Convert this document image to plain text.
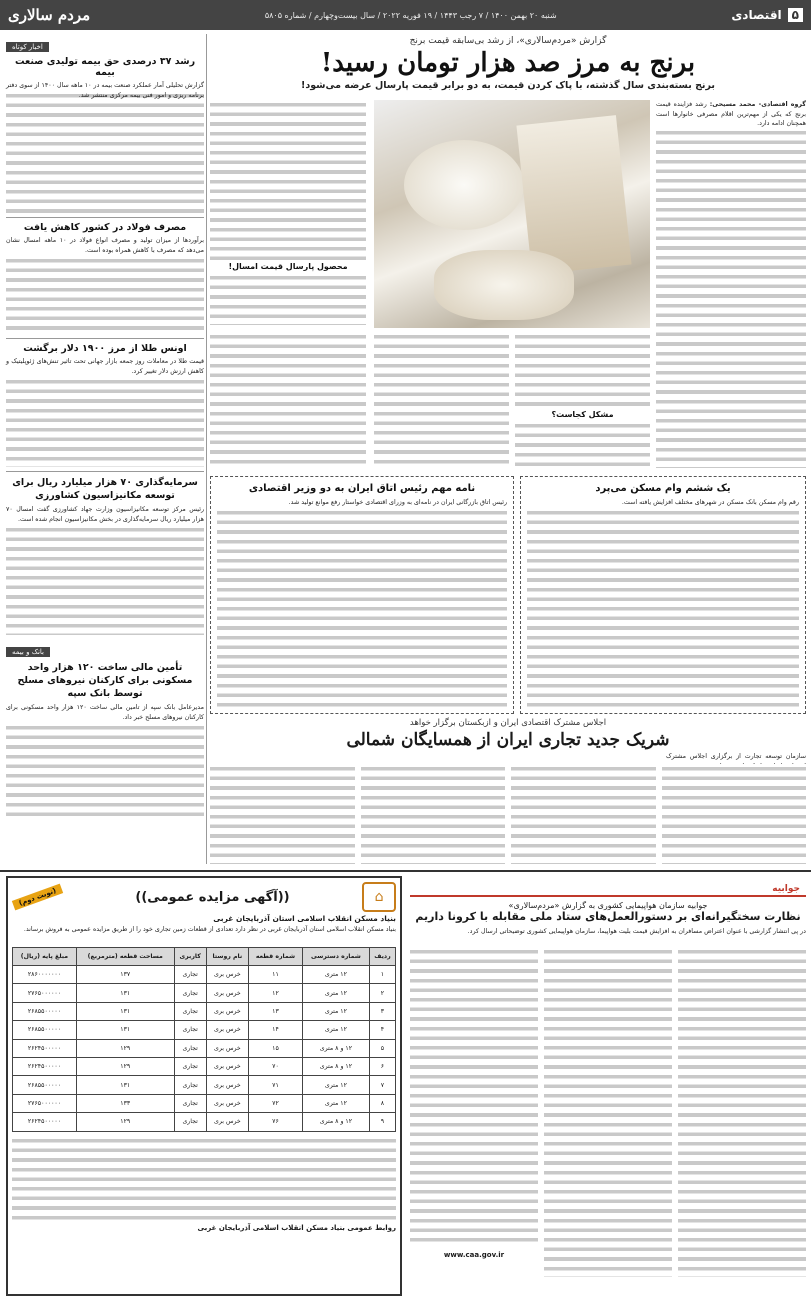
۵
اقتصادی
شنبه ۲۰ بهمن ۱۴۰۰ / ۷ رجب ۱۴۴۳ / ۱۹ فوریه ۲۰۲۲ / سال بیست‌وچهارم / شماره ۵۸۰۵
مردم سالاری
اخبار کوتاه
رشد ۳۷ درصدی حق بیمه تولیدی صنعت بیمه
گزارش تحلیلی آمار عملکرد صنعت بیمه در ۱۰ ماهه سال ۱۴۰۰ از سوی دفتر برنامه ریزی و امور فنی بیمه مرکزی منتشر شد.
مصرف فولاد در کشور کاهش یافت
برآوردها از میزان تولید و مصرف انواع فولاد در ۱۰ ماهه امسال نشان می‌دهد که مصرف با کاهش همراه بوده است.
اونس طلا از مرز ۱۹۰۰ دلار برگشت
قیمت طلا در معاملات روز جمعه بازار جهانی تحت تاثیر تنش‌های ژئوپلیتیک و کاهش ارزش دلار تغییر کرد.
سرمایه‌گذاری ۷۰ هزار میلیارد ریال برای توسعه مکانیزاسیون کشاورزی
رئیس مرکز توسعه مکانیزاسیون وزارت جهاد کشاورزی گفت امسال ۷۰ هزار میلیارد ریال سرمایه‌گذاری در بخش مکانیزاسیون انجام شده است.
بانک و بیمه
تأمین مالی ساخت ۱۲۰ هزار واحد مسکونی برای کارکنان نیروهای مسلح توسط بانک سپه
مدیرعامل بانک سپه از تامین مالی ساخت ۱۲۰ هزار واحد مسکونی برای کارکنان نیروهای مسلح خبر داد.
گزارش «مردم‌سالاری»، از رشد بی‌سابقه قیمت برنج
برنج به مرز صد هزار تومان رسید!
برنج بسته‌بندی سال گذشته، با پاک کردن قیمت، به دو برابر قیمت پارسال عرضه می‌شود!
گروه اقتصادی- محمد مسیحی: رشد فزاینده قیمت برنج که یکی از مهم‌ترین اقلام مصرفی خانوارها است همچنان ادامه دارد.
محصول پارسال قیمت امسال!
مشکل کجاست؟
یک ششم وام مسکن می‌پرد
رقم وام مسکن بانک مسکن در شهرهای مختلف افزایش یافته است.
نامه مهم رئیس اتاق ایران به دو وزیر اقتصادی
رئیس اتاق بازرگانی ایران در نامه‌ای به وزرای اقتصادی خواستار رفع موانع تولید شد.
اجلاس مشترک اقتصادی ایران و ازبکستان برگزار خواهد
شریک جدید تجاری ایران از همسایگان شمالی
سازمان توسعه تجارت از برگزاری اجلاس مشترک
جوابیه
جوابیه سازمان هواپیمایی کشوری به گزارش «مردم‌سالاری»
نظارت سختگیرانه‌ای بر دستورالعمل‌های ستاد ملی مقابله با کرونا داریم
در پی انتشار گزارشی با عنوان اعتراض مسافران به افزایش قیمت بلیت هواپیما، سازمان هواپیمایی کشوری توضیحاتی ارسال کرد.
www.caa.gov.ir
⌂
((آگهی مزایده عمومی))
(نوبت دوم)
بنیاد مسکن انقلاب اسلامی استان آذربایجان غربی
بنیاد مسکن انقلاب اسلامی استان آذربایجان غربی در نظر دارد تعدادی از قطعات زمین تجاری خود را از طریق مزایده عمومی به فروش برساند.
ردیف	شماره دسترسی	شماره قطعه	نام روستا	کاربری	مساحت قطعه (مترمربع)	مبلغ پایه (ریال)
۱	۱۲ متری	۱۱	خرس بری	تجاری	۱۳۷	۲۸۶۰۰۰۰۰۰۰
۲	۱۲ متری	۱۲	خرس بری	تجاری	۱۳۱	۲۷۶۵۰۰۰۰۰۰
۳	۱۲ متری	۱۳	خرس بری	تجاری	۱۳۱	۲۶۸۵۵۰۰۰۰۰
۴	۱۲ متری	۱۴	خرس بری	تجاری	۱۳۱	۲۶۸۵۵۰۰۰۰۰
۵	۱۲ و ۸ متری	۱۵	خرس بری	تجاری	۱۲۹	۲۶۲۴۵۰۰۰۰۰
۶	۱۲ و ۸ متری	۷۰	خرس بری	تجاری	۱۲۹	۲۶۲۴۵۰۰۰۰۰
۷	۱۲ متری	۷۱	خرس بری	تجاری	۱۳۱	۲۶۸۵۵۰۰۰۰۰
۸	۱۲ متری	۷۲	خرس بری	تجاری	۱۳۳	۲۷۶۵۰۰۰۰۰۰
۹	۱۲ و ۸ متری	۷۶	خرس بری	تجاری	۱۲۹	۲۶۲۴۵۰۰۰۰۰
روابط عمومی بنیاد مسکن انقلاب اسلامی آذربایجان غربی
